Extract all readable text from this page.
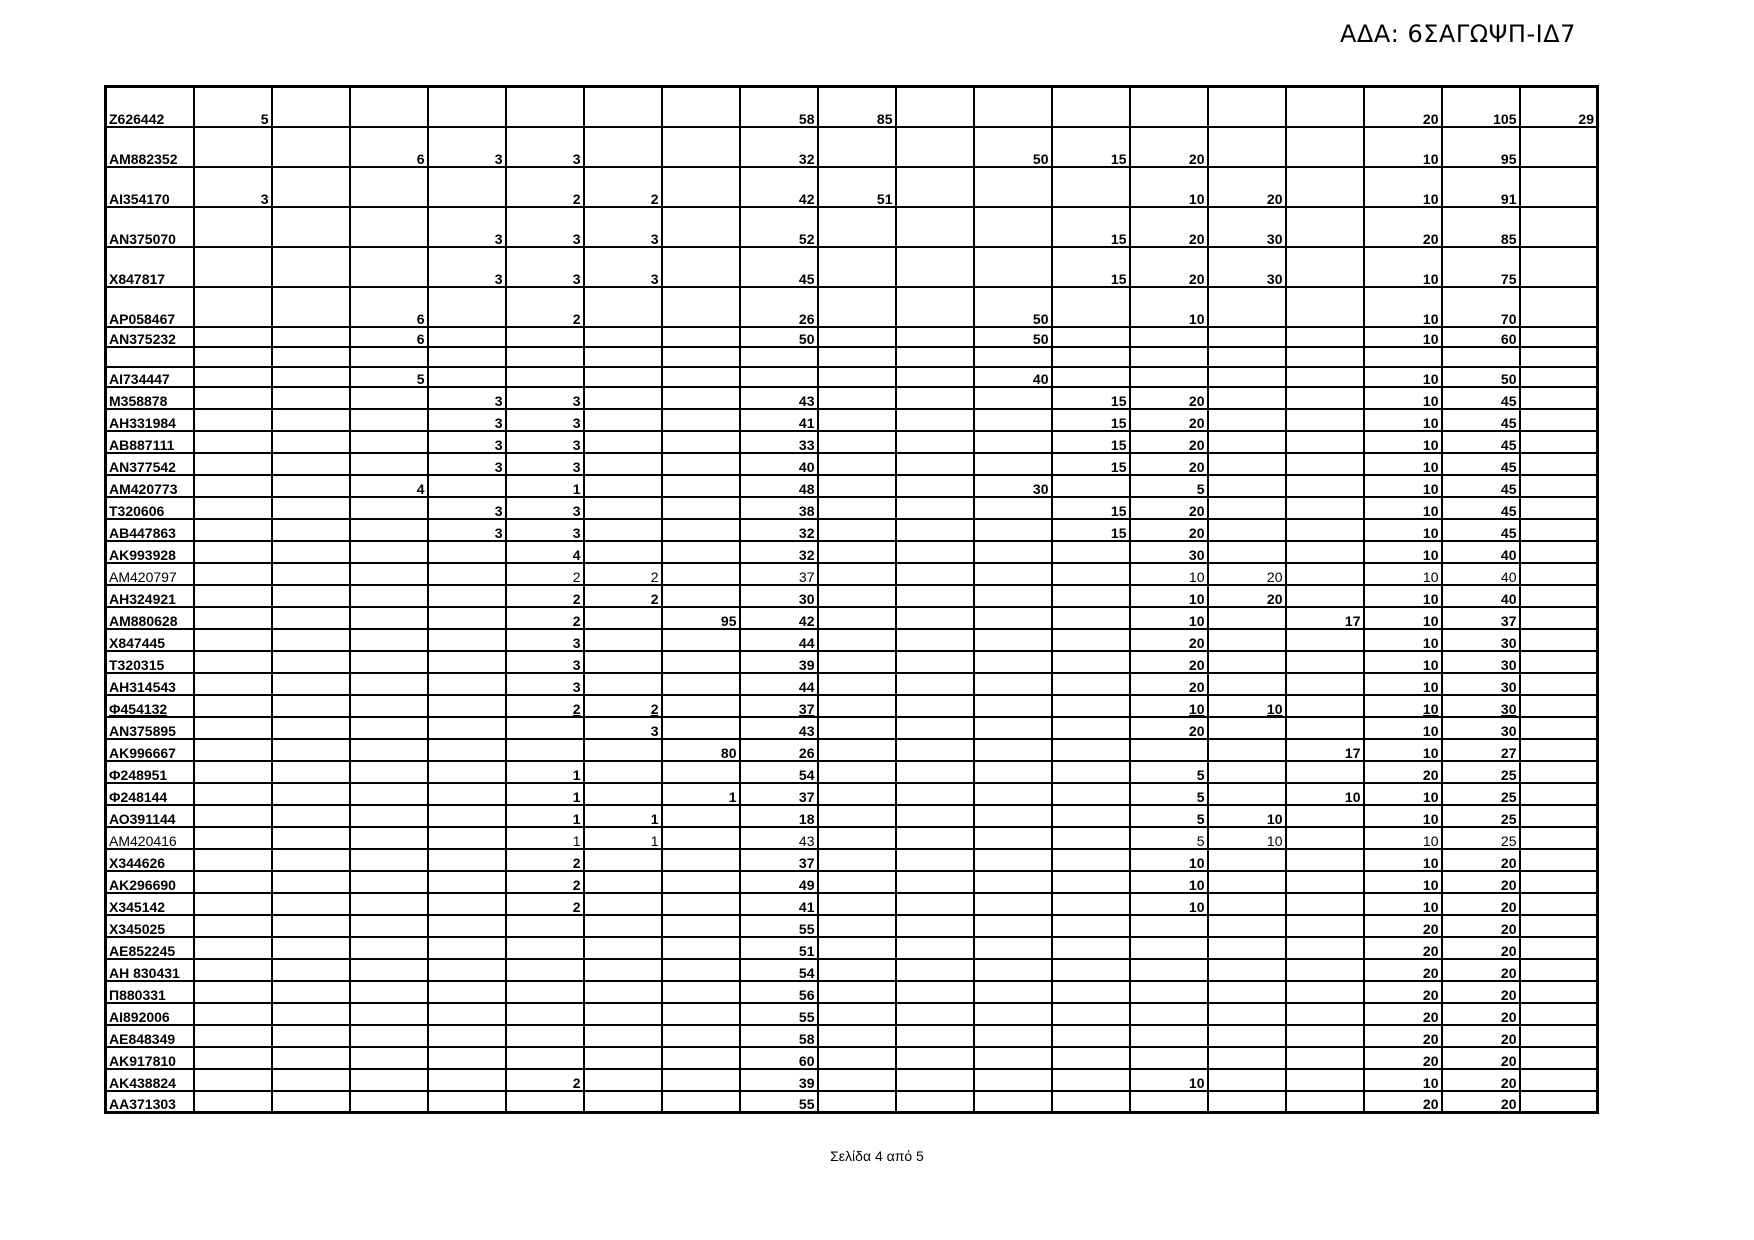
ΑΔΑ: 6ΣΑΓΩΨΠ-ΙΔ7
Ζ626442	5							58	85							20	105	29
ΑΜ882352			6	3	3			32			50	15	20			10	95	
ΑΙ354170	3				2	2		42	51				10	20		10	91	
ΑΝ375070				3	3	3		52				15	20	30		20	85	
Χ847817				3	3	3		45				15	20	30		10	75	
ΑΡ058467			6		2			26			50		10			10	70	
ΑΝ375232			6					50			50					10	60	

ΑΙ734447			5								40					10	50	
Μ358878				3	3			43				15	20			10	45	
ΑΗ331984				3	3			41				15	20			10	45	
ΑΒ887111				3	3			33				15	20			10	45	
ΑΝ377542				3	3			40				15	20			10	45	
ΑΜ420773			4		1			48			30		5			10	45	
Τ320606				3	3			38				15	20			10	45	
ΑΒ447863				3	3			32				15	20			10	45	
ΑΚ993928					4			32					30			10	40	
ΑΜ420797					2	2		37					10	20		10	40	
ΑΗ324921					2	2		30					10	20		10	40	
ΑΜ880628					2		95	42					10		17	10	37	
Χ847445					3			44					20			10	30	
Τ320315					3			39					20			10	30	
ΑΗ314543					3			44					20			10	30	
Φ454132					2	2		37					10	10		10	30	
ΑΝ375895						3		43					20			10	30	
ΑΚ996667							80	26							17	10	27	
Φ248951					1			54					5			20	25	
Φ248144					1		1	37					5		10	10	25	
ΑΟ391144					1	1		18					5	10		10	25	
ΑΜ420416					1	1		43					5	10		10	25	
Χ344626					2			37					10			10	20	
ΑΚ296690					2			49					10			10	20	
Χ345142					2			41					10			10	20	
Χ345025								55								20	20	
ΑΕ852245								51								20	20	
ΑΗ 830431								54								20	20	
Π880331								56								20	20	
ΑΙ892006								55								20	20	
ΑΕ848349								58								20	20	
ΑΚ917810								60								20	20	
ΑΚ438824					2			39					10			10	20	
ΑΑ371303								55								20	20	
Σελίδα 4 από 5
